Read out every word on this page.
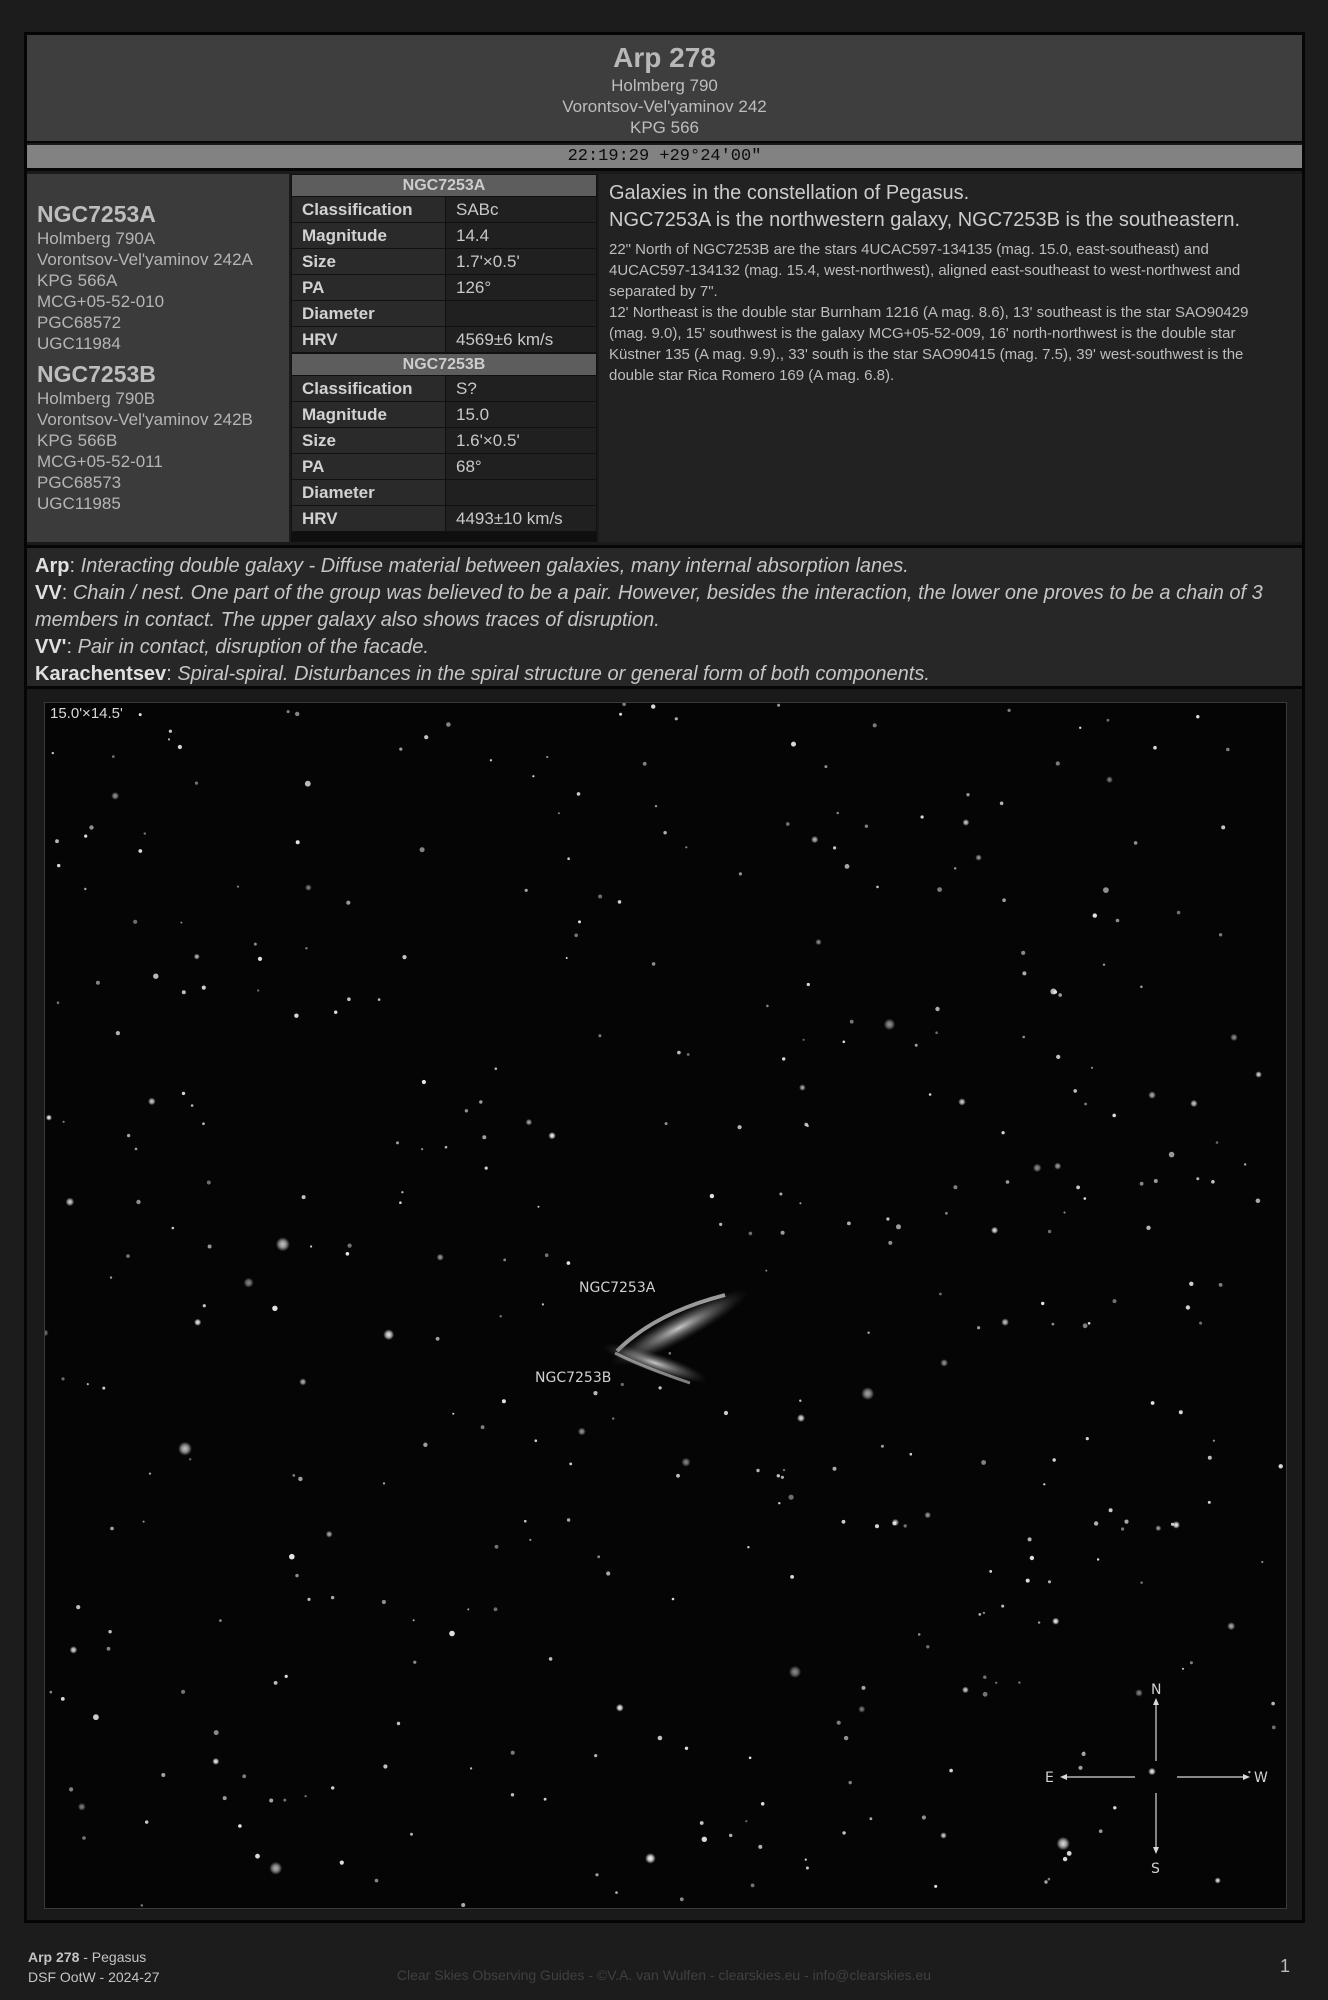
Arp 278
Holmberg 790
Vorontsov-Vel'yaminov 242
KPG 566
22:19:29 +29°24'00"
NGC7253A
Holmberg 790A
Vorontsov-Vel'yaminov 242A
KPG 566A
MCG+05-52-010
PGC68572
UGC11984
NGC7253B
Holmberg 790B
Vorontsov-Vel'yaminov 242B
KPG 566B
MCG+05-52-011
PGC68573
UGC11985
NGC7253A	
Classification	SABc
Magnitude	14.4
Size	1.7'×0.5'
PA	126°
Diameter	
HRV	4569±6 km/s
NGC7253B	
Classification	S?
Magnitude	15.0
Size	1.6'×0.5'
PA	68°
Diameter	
HRV	4493±10 km/s
Galaxies in the constellation of Pegasus.
NGC7253A is the northwestern galaxy, NGC7253B is the southeastern.
22" North of NGC7253B are the stars 4UCAC597-134135 (mag. 15.0, east-southeast) and 4UCAC597-134132 (mag. 15.4, west-northwest), aligned east-southeast to west-northwest and separated by 7".
12' Northeast is the double star Burnham 1216 (A mag. 8.6), 13' southeast is the star SAO90429 (mag. 9.0), 15' southwest is the galaxy MCG+05-52-009, 16' north-northwest is the double star Küstner 135 (A mag. 9.9)., 33' south is the star SAO90415 (mag. 7.5), 39' west-southwest is the double star Rica Romero 169 (A mag. 6.8).
Arp: Interacting double galaxy - Diffuse material between galaxies, many internal absorption lanes.
VV: Chain / nest. One part of the group was believed to be a pair. However, besides the interaction, the lower one proves to be a chain of 3 members in contact. The upper galaxy also shows traces of disruption.
VV': Pair in contact, disruption of the facade.
Karachentsev: Spiral-spiral. Disturbances in the spiral structure or general form of both components.
NGC7253A
NGC7253B
N
S
E	W
15.0'×14.5'
Arp 278 - Pegasus
DSF OotW - 2024-27	Clear Skies Observing Guides - ©V.A. van Wulfen - clearskies.eu - info@clearskies.eu	1
